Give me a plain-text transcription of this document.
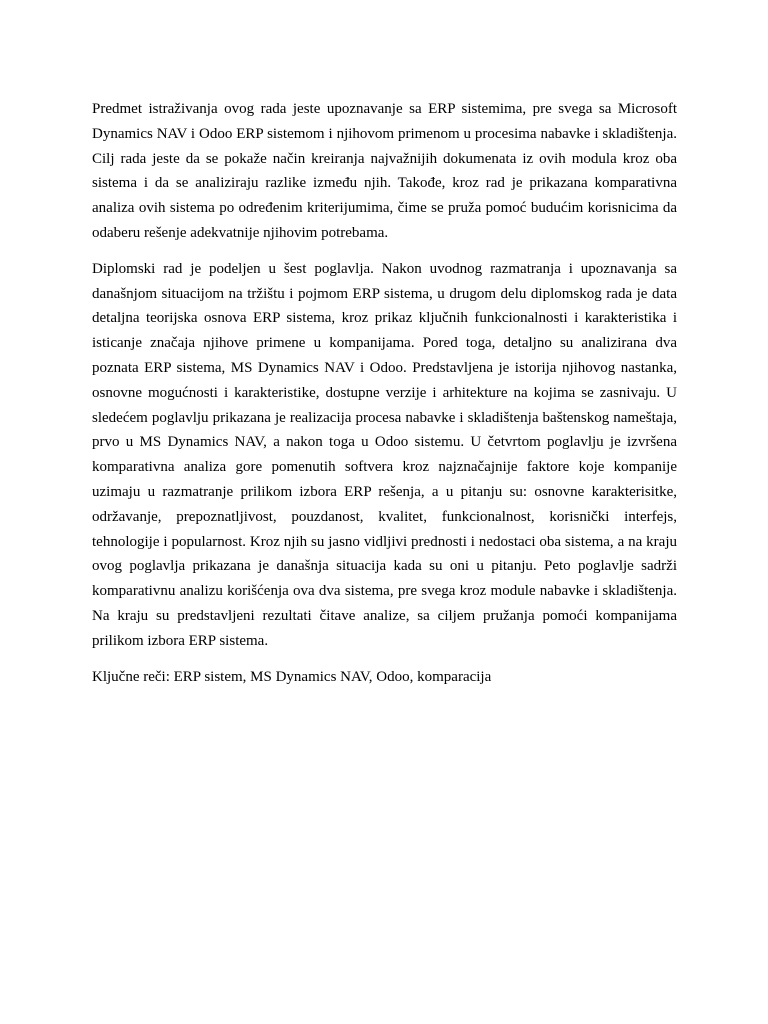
Predmet istraživanja ovog rada jeste upoznavanje sa ERP sistemima, pre svega sa Microsoft Dynamics NAV i Odoo ERP sistemom i njihovom primenom u procesima nabavke i skladištenja. Cilj rada jeste da se pokaže način kreiranja najvažnijih dokumenata iz ovih modula kroz oba sistema i da se analiziraju razlike između njih. Takođe, kroz rad je prikazana komparativna analiza ovih sistema po određenim kriterijumima, čime se pruža pomoć budućim korisnicima da odaberu rešenje adekvatnije njihovim potrebama.

Diplomski rad je podeljen u šest poglavlja. Nakon uvodnog razmatranja i upoznavanja sa današnjom situacijom na tržištu i pojmom ERP sistema, u drugom delu diplomskog rada je data detaljna teorijska osnova ERP sistema, kroz prikaz ključnih funkcionalnosti i karakteristika i isticanje značaja njihove primene u kompanijama. Pored toga, detaljno su analizirana dva poznata ERP sistema, MS Dynamics NAV i Odoo. Predstavljena je istorija njihovog nastanka, osnovne mogućnosti i karakteristike, dostupne verzije i arhitekture na kojima se zasnivaju. U sledećem poglavlju prikazana je realizacija procesa nabavke i skladištenja baštenskog nameštaja, prvo u MS Dynamics NAV, a nakon toga u Odoo sistemu. U četvrtom poglavlju je izvršena komparativna analiza gore pomenutih softvera kroz najznačajnije faktore koje kompanije uzimaju u razmatranje prilikom izbora ERP rešenja, a u pitanju su: osnovne karakterisitke, održavanje, prepoznatljivost, pouzdanost, kvalitet, funkcionalnost, korisnički interfejs, tehnologije i popularnost. Kroz njih su jasno vidljivi prednosti i nedostaci oba sistema, a na kraju ovog poglavlja prikazana je današnja situacija kada su oni u pitanju. Peto poglavlje sadrži komparativnu analizu korišćenja ova dva sistema, pre svega kroz module nabavke i skladištenja. Na kraju su predstavljeni rezultati čitave analize, sa ciljem pružanja pomoći kompanijama prilikom izbora ERP sistema.

Ključne reči: ERP sistem, MS Dynamics NAV, Odoo, komparacija
